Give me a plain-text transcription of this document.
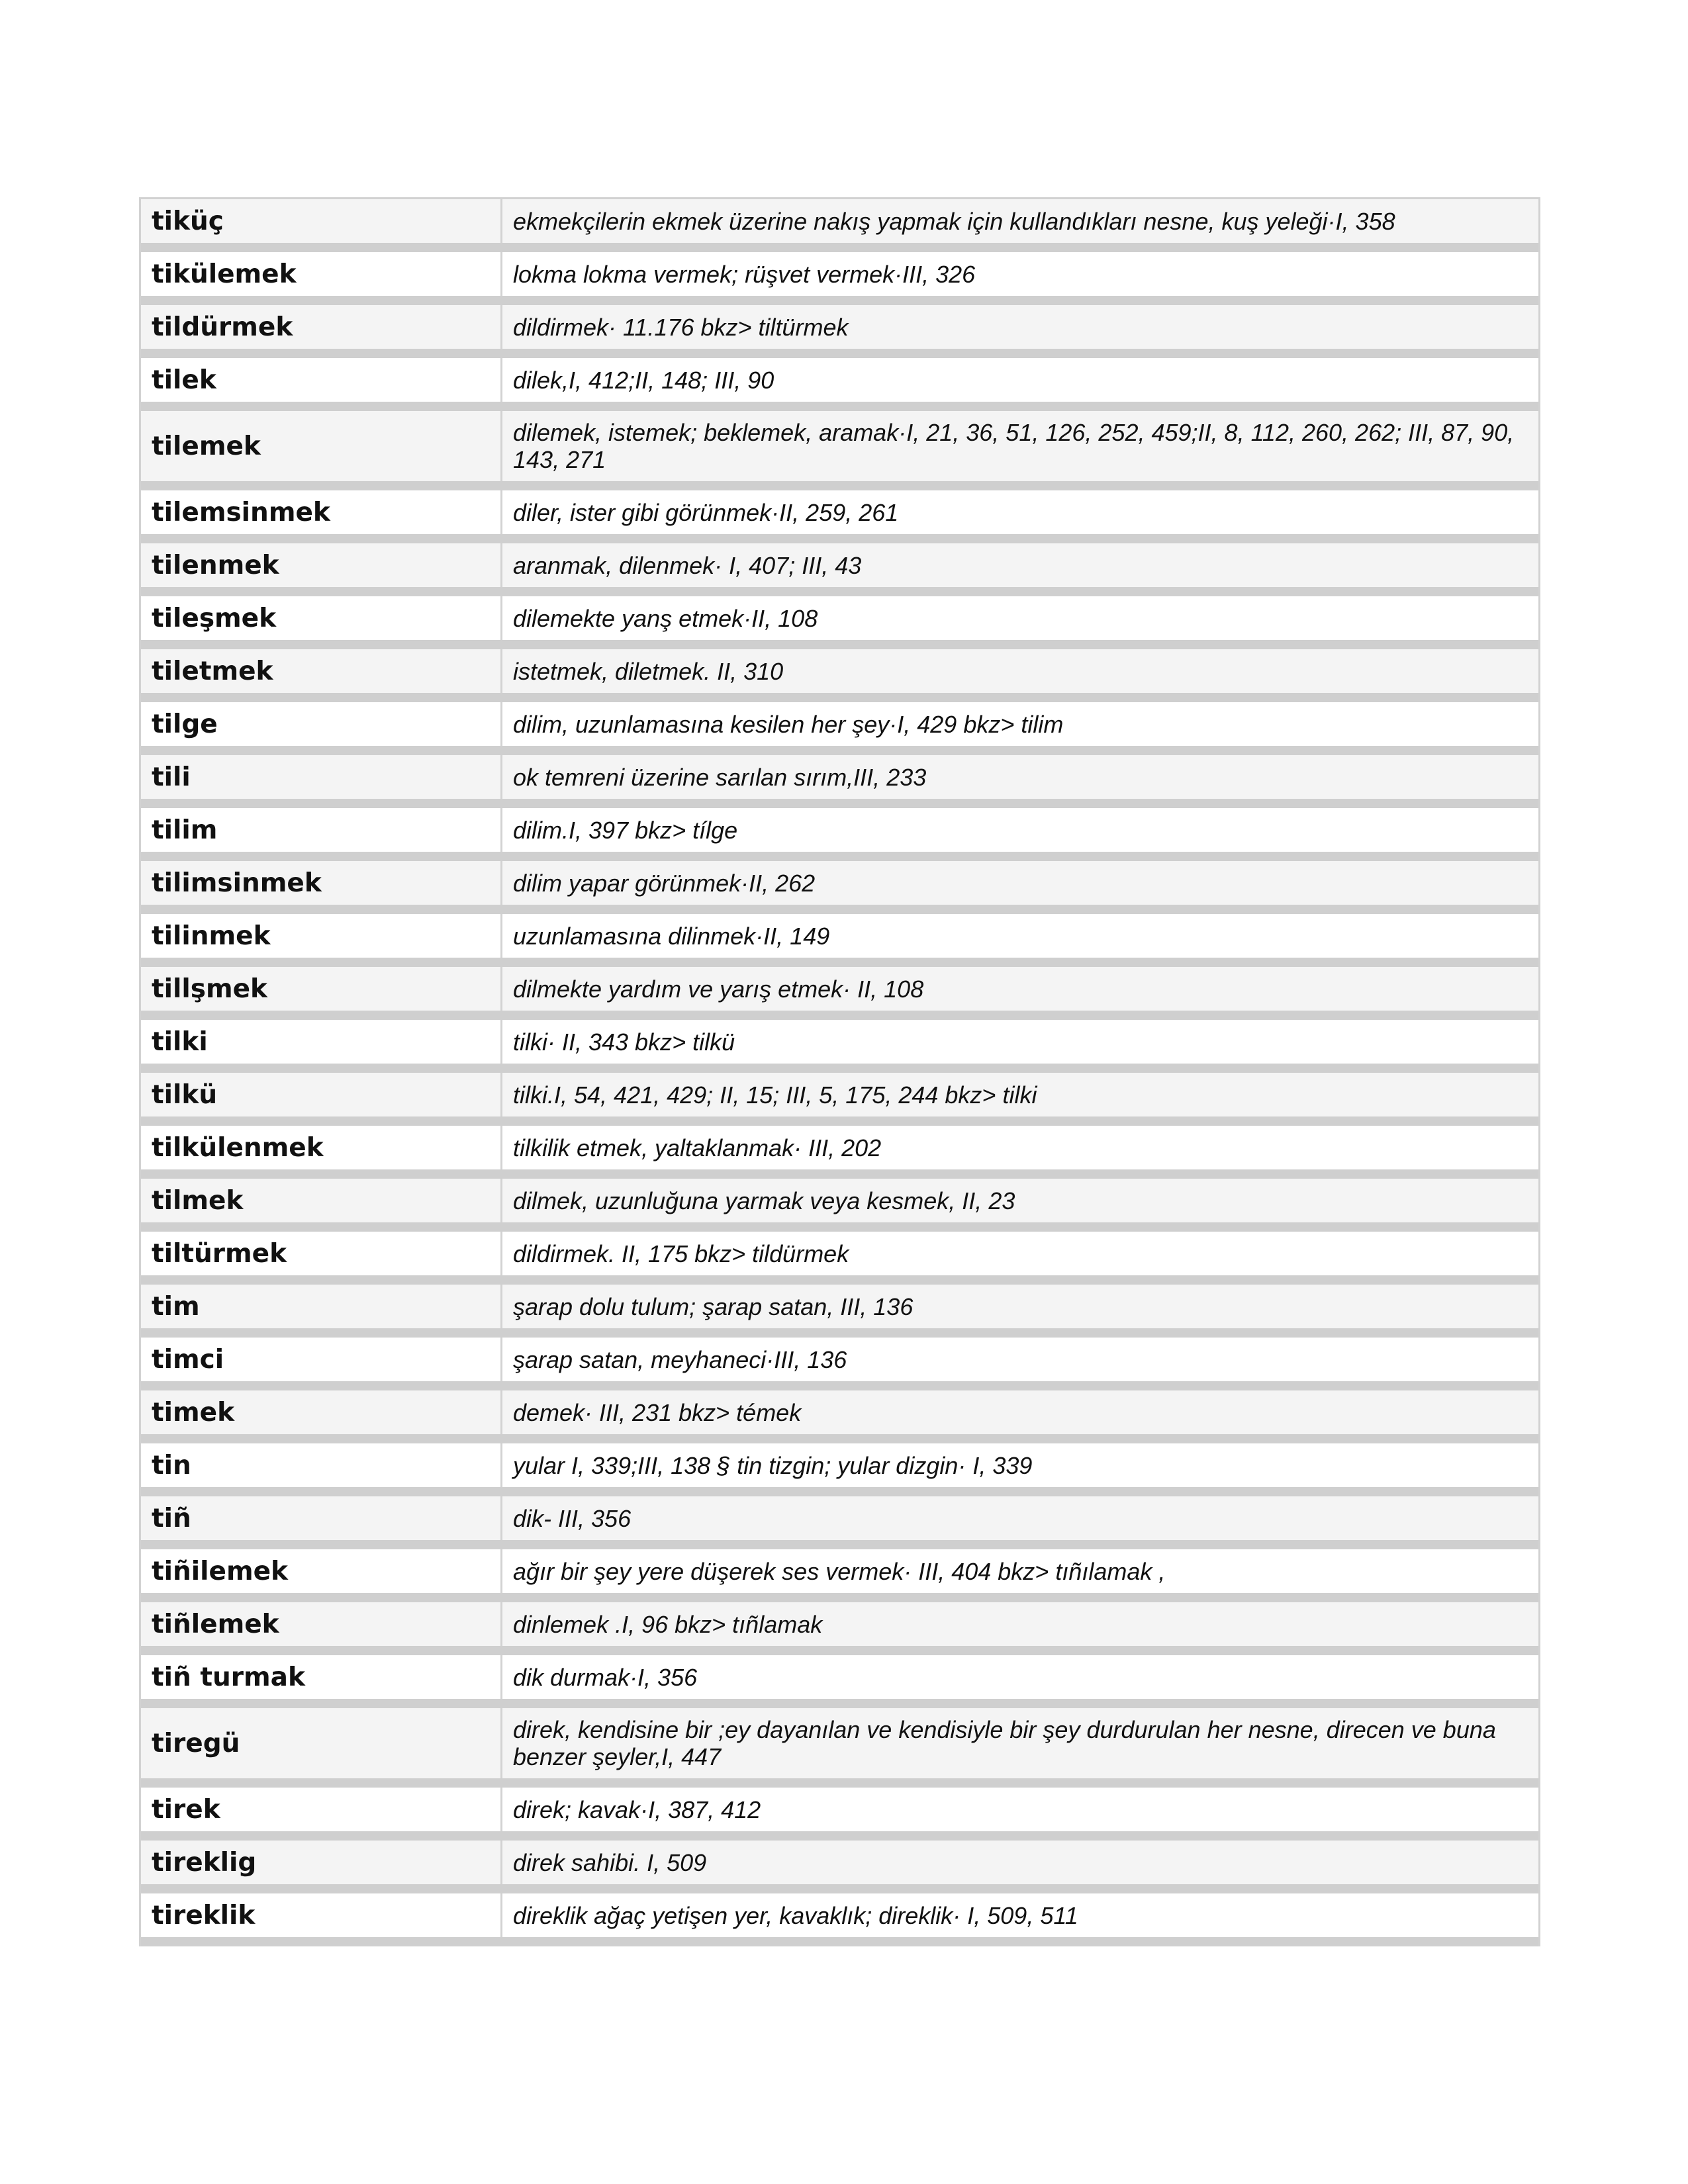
tiküç	ekmekçilerin ekmek üzerine nakış yapmak için kullandıkları nesne, kuş yeleği·I, 358
tikülemek	lokma lokma vermek; rüşvet vermek·III, 326
tildürmek	dildirmek· 11.176 bkz> tiltürmek
tilek	dilek,I, 412;II, 148; III, 90
tilemek	dilemek, istemek; beklemek, aramak·I, 21, 36, 51, 126, 252, 459;II, 8, 112, 260, 262; III, 87, 90, 143, 271
tilemsinmek	diler, ister gibi görünmek·II, 259, 261
tilenmek	aranmak, dilenmek· I, 407; III, 43
tileşmek	dilemekte yanş etmek·II, 108
tiletmek	istetmek, diletmek. II, 310
tilge	dilim, uzunlamasına kesilen her şey·I, 429 bkz> tilim
tili	ok temreni üzerine sarılan sırım,III, 233
tilim	dilim.I, 397 bkz> tílge
tilimsinmek	dilim yapar görünmek·II, 262
tilinmek	uzunlamasına dilinmek·II, 149
tillşmek	dilmekte yardım ve yarış etmek· II, 108
tilki	tilki· II, 343 bkz> tilkü
tilkü	tilki.I, 54, 421, 429; II, 15; III, 5, 175, 244 bkz> tilki
tilkülenmek	tilkilik etmek, yaltaklanmak· III, 202
tilmek	dilmek, uzunluğuna yarmak veya kesmek, II, 23
tiltürmek	dildirmek. II, 175 bkz> tildürmek
tim	şarap dolu tulum; şarap satan, III, 136
timci	şarap satan, meyhaneci·III, 136
timek	demek· III, 231 bkz> témek
tin	yular I, 339;III, 138 § tin tizgin; yular dizgin· I, 339
tiñ	dik- III, 356
tiñilemek	ağır bir şey yere düşerek ses vermek· III, 404 bkz> tıñılamak ,
tiñlemek	dinlemek .I, 96 bkz> tıñlamak
tiñ turmak	dik durmak·I, 356
tiregü	direk, kendisine bir ;ey dayanılan ve kendisiyle bir şey durdurulan her nesne, direcen ve buna benzer şeyler,I, 447
tirek	direk; kavak·I, 387, 412
tireklig	direk sahibi. I, 509
tireklik	direklik ağaç yetişen yer, kavaklık; direklik· I, 509, 511
